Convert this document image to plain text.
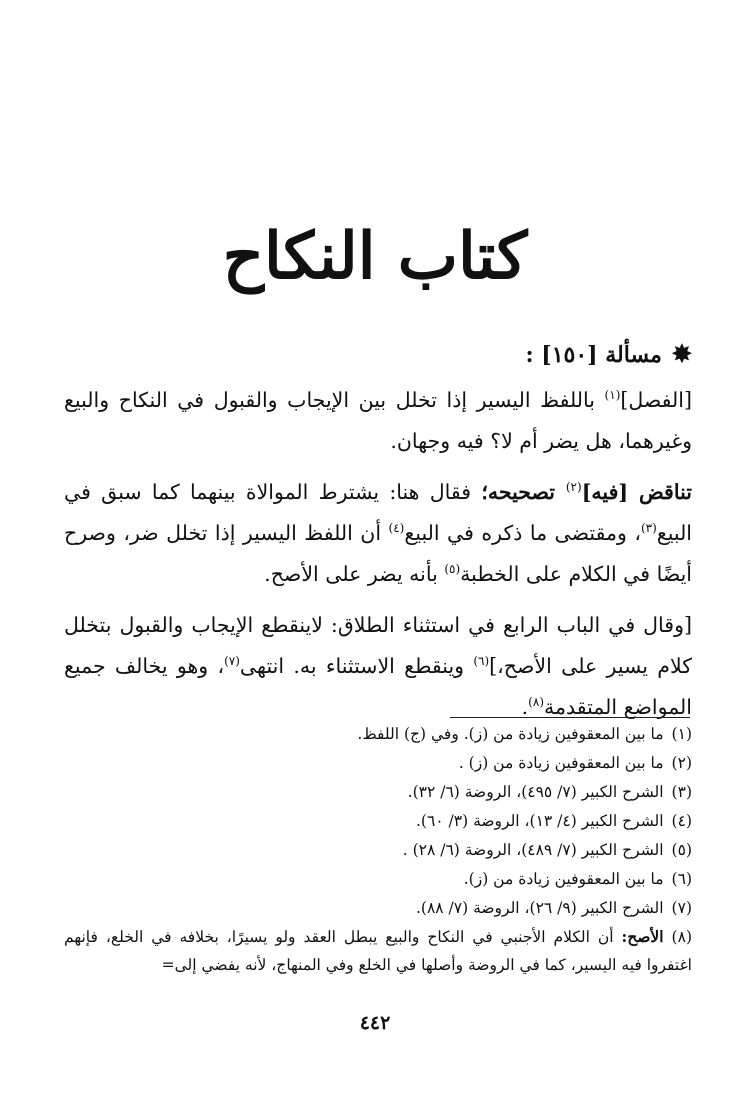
كتاب النكاح
✸مسألة [١٥٠] :

[الفصل]$^{(١)}$ باللفظ اليسير إذا تخلل بين الإيجاب والقبول في النكاح والبيع وغيرهما، هل يضر أم لا؟ فيه وجهان.

تناقض [فيه]$^{(٢)}$ تصحيحه؛ فقال هنا: يشترط الموالاة بينهما كما سبق في البيع$^{(٣)}$، ومقتضى ما ذكره في البيع$^{(٤)}$ أن اللفظ اليسير إذا تخلل ضر، وصرح أيضًا في الكلام على الخطبة$^{(٥)}$ بأنه يضر على الأصح.

[وقال في الباب الرابع في استثناء الطلاق: لاينقطع الإيجاب والقبول بتخلل كلام يسير على الأصح،]$^{(٦)}$ وينقطع الاستثناء به. انتهى$^{(٧)}$، وهو يخالف جميع المواضع المتقدمة$^{(٨)}$.

(١)ما بين المعقوفين زيادة من (ز). وفي (ج) اللفظ.
(٢)ما بين المعقوفين زيادة من (ز) .
(٣)الشرح الكبير (٧/ ٤٩٥)، الروضة (٦/ ٣٢).
(٤)الشرح الكبير (٤/ ١٣)، الروضة (٣/ ٦٠).
(٥)الشرح الكبير (٧/ ٤٨٩)، الروضة (٦/ ٢٨) .
(٦)ما بين المعقوفين زيادة من (ز).
(٧)الشرح الكبير (٩/ ٢٦)، الروضة (٧/ ٨٨).
(٨)الأصح: أن الكلام الأجنبي في النكاح والبيع يبطل العقد ولو يسيرًا، بخلافه في الخلع، فإنهم اغتفروا فيه اليسير، كما في الروضة وأصلها في الخلع وفي المنهاج، لأنه يفضي إلى=
٤٤٢
